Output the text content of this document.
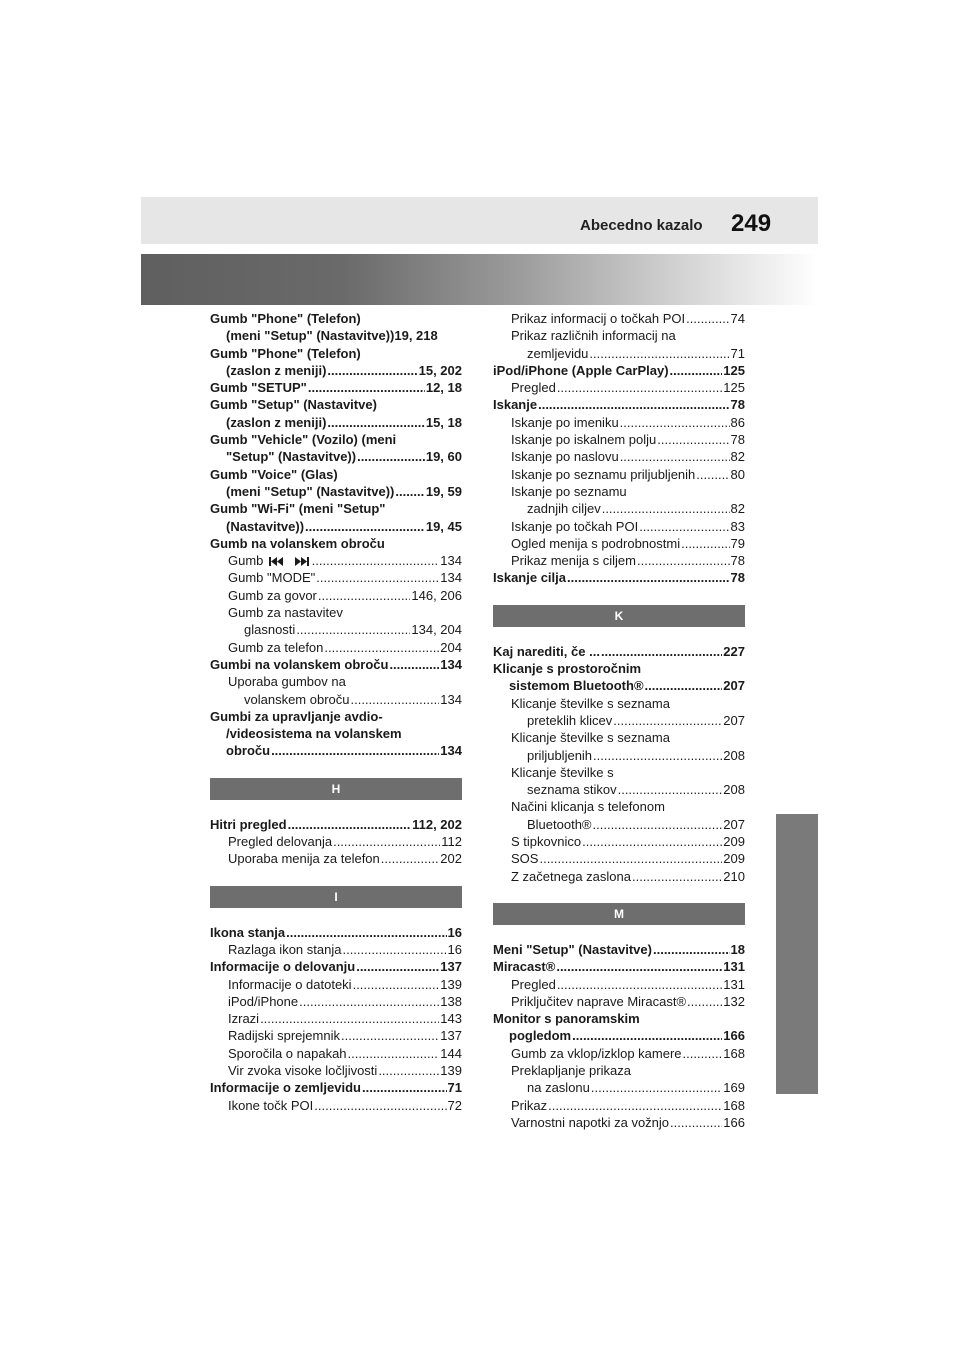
Abecedno kazalo 249
Gumb "Phone" (Telefon)
(meni "Setup" (Nastavitve)) 19, 218
Gumb "Phone" (Telefon)
(zaslon z meniji) .....	15, 202
Gumb "SETUP" .....	12, 18
Gumb "Setup" (Nastavitve)
(zaslon z meniji) .....	15, 18
Gumb "Vehicle" (Vozilo) (meni
"Setup" (Nastavitve)) .....	19, 60
Gumb "Voice" (Glas)
(meni "Setup" (Nastavitve)) ..... 19, 59
Gumb "Wi-Fi" (meni "Setup"
(Nastavitve)) .....	19, 45
Gumb na volanskem obroču
Gumb .....	134
Gumb "MODE" .....	134
Gumb za govor .....	146, 206
Gumb za nastavitev
glasnosti .....	134, 204
Gumb za telefon .....	204
Gumbi na volanskem obroču .....	134
Uporaba gumbov na
volanskem obroču .....	134
Gumbi za upravljanje avdio-
/videosistema na volanskem
obroču .....	134
H
Hitri pregled .....	112, 202
Pregled delovanja .....	112
Uporaba menija za telefon .....	202
I
Ikona stanja .....	16
Razlaga ikon stanja .....	16
Informacije o delovanju .....	137
Informacije o datoteki .....	139
iPod/iPhone .....	138
Izrazi .....	143
Radijski sprejemnik .....	137
Sporočila o napakah .....	144
Vir zvoka visoke ločljivosti .....	139
Informacije o zemljevidu .....	71
Ikone točk POI .....	72
Prikaz informacij o točkah POI .....	74
Prikaz različnih informacij na
zemljevidu .....	71
iPod/iPhone (Apple CarPlay) .....	125
Pregled .....	125
Iskanje .....	78
Iskanje po imeniku .....	86
Iskanje po iskalnem polju .....	78
Iskanje po naslovu .....	82
Iskanje po seznamu priljubljenih .....	80
Iskanje po seznamu
zadnjih ciljev .....	82
Iskanje po točkah POI .....	83
Ogled menija s podrobnostmi .....	79
Prikaz menija s ciljem .....	78
Iskanje cilja .....	78
K
Kaj narediti, če ... .....	227
Klicanje s prostoročnim
sistemom Bluetooth® .....	207
Klicanje številke s seznama
preteklih klicev .....	207
Klicanje številke s seznama
priljubljenih .....	208
Klicanje številke s
seznama stikov .....	208
Načini klicanja s telefonom
Bluetooth® .....	207
S tipkovnico .....	209
SOS .....	209
Z začetnega zaslona .....	210
M
Meni "Setup" (Nastavitve) .....	18
Miracast® .....	131
Pregled .....	131
Priključitev naprave Miracast® .....	132
Monitor s panoramskim
pogledom .....	166
Gumb za vklop/izklop kamere .....	168
Preklapljanje prikaza
na zaslonu .....	169
Prikaz .....	168
Varnostni napotki za vožnjo .....	166
